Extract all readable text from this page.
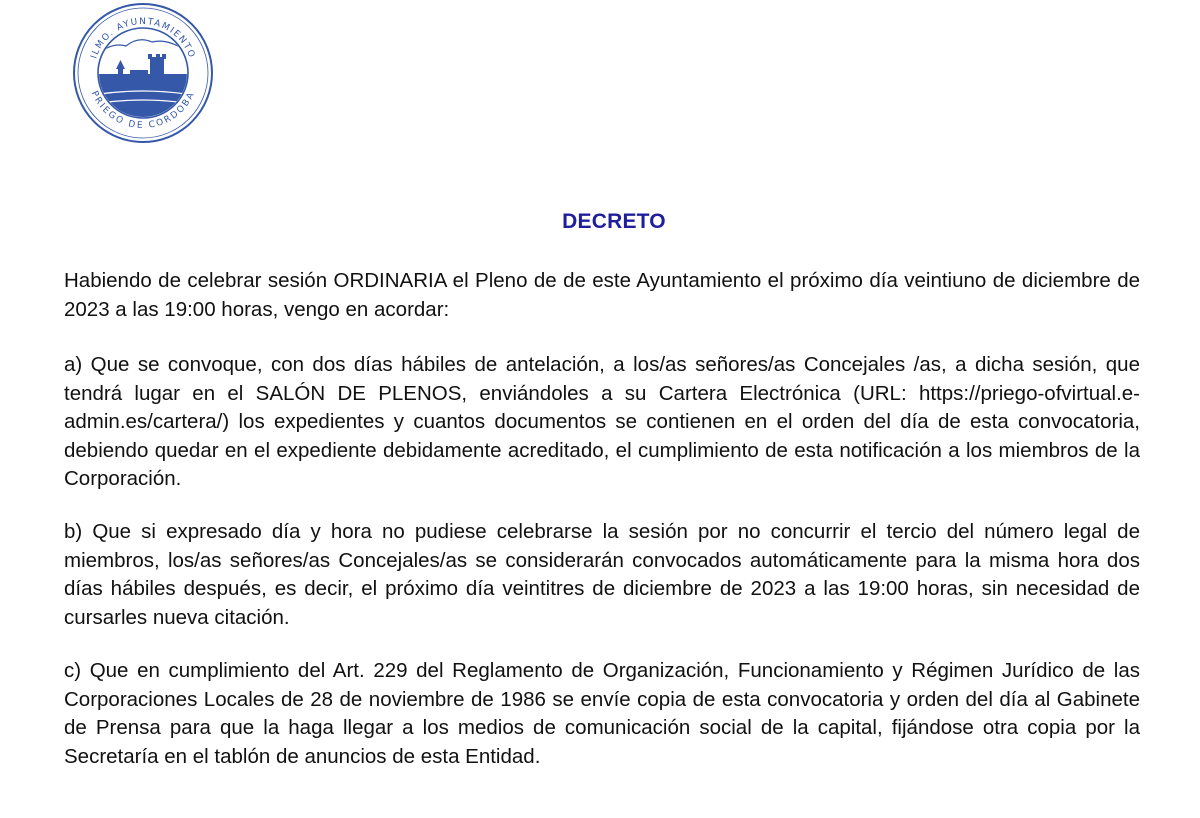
ILMO. AYUNTAMIENTO
PRIEGO DE CORDOBA
DECRETO

Habiendo de celebrar sesión ORDINARIA el Pleno de de este Ayuntamiento el próximo día veintiuno de diciembre de 2023 a las 19:00 horas, vengo en acordar:

a) Que se convoque, con dos días hábiles de antelación, a los/as señores/as Concejales /as, a dicha sesión, que tendrá lugar en el SALÓN DE PLENOS, enviándoles a su Cartera Electrónica (URL: https://priego-ofvirtual.e-admin.es/cartera/) los expedientes y cuantos documentos se contienen en el orden del día de esta convocatoria, debiendo quedar en el expediente debidamente acreditado, el cumplimiento de esta notificación a los miembros de la Corporación.

b) Que si expresado día y hora no pudiese celebrarse la sesión por no concurrir el tercio del número legal de miembros, los/as señores/as Concejales/as se considerarán convocados automáticamente para la misma hora dos días hábiles después, es decir, el próximo día veintitres de diciembre de 2023 a las 19:00 horas, sin necesidad de cursarles nueva citación.

c) Que en cumplimiento del Art. 229 del Reglamento de Organización, Funcionamiento y Régimen Jurídico de las Corporaciones Locales de 28 de noviembre de 1986 se envíe copia de esta convocatoria y orden del día al Gabinete de Prensa para que la haga llegar a los medios de comunicación social de la capital, fijándose otra copia por la Secretaría en el tablón de anuncios de esta Entidad.
